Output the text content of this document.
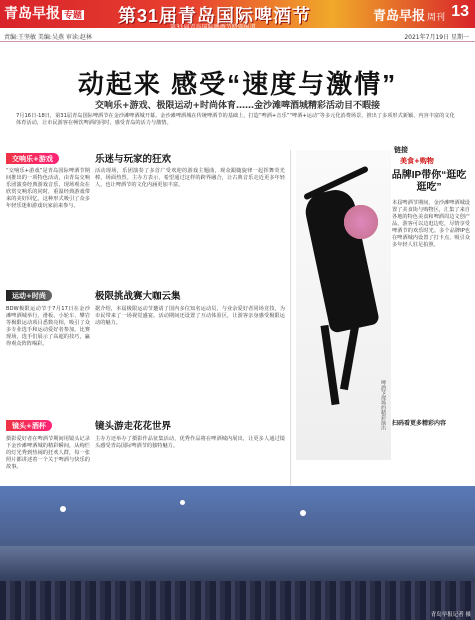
青岛早报 专题 第31届青岛国际啤酒节
第31届青岛国际啤酒节特别报道
青岛早报 周刊 13
责编:王坚敏 美编:吴燕 审读:赵林	2021年7月19日 星期一
动起来 感受“速度与激情”
交响乐+游戏、极限运动+时尚体育……金沙滩啤酒城精彩活动目不暇接
7月16日-18日，第31届青岛国际啤酒节在金沙滩啤酒城开幕。金沙滩啤酒城在传统啤酒节的基础上，打造“啤酒+音乐”“啤酒+运动”等多元化消费场景，推出了多项形式新颖、内容丰富的文化体育活动，让市民游客在畅饮啤酒的同时，感受青岛的活力与激情。
交响乐+游戏	乐迷与玩家的狂欢
“交响乐+游戏”是青岛国际啤酒节期间推出的一项特色活动，由青岛交响乐团演奏经典游戏音乐，现场观众在欣赏交响乐的同时，重温经典游戏带来的美好回忆，这种形式吸引了众多年轻乐迷和游戏玩家前来参与。
活动现场，乐团演奏了多首广受欢迎的游戏主题曲，观众跟随旋律一起挥舞荧光棒，场面热烈。主办方表示，希望通过这样的跨界融合，让古典音乐走近更多年轻人，也让啤酒节的文化内涵更加丰富。
运动+时尚	极限挑战赛大咖云集
BDW极限运动节于7月17日在金沙滩啤酒城举行，滑板、小轮车、攀岩等极限运动项目悉数亮相，吸引了众多专业选手和运动爱好者参加。比赛现场，选手们展示了高超的技巧，赢得观众阵阵喝彩。
据介绍，本届极限运动节邀请了国内多位知名运动员，与业余爱好者同场竞技，为市民带来了一场视觉盛宴。活动期间还设置了互动体验区，让游客亲身感受极限运动的魅力。
镜头+酒杯	镜头游走花花世界
摄影爱好者在啤酒节期间用镜头记录下金沙滩啤酒城的精彩瞬间，从绚烂的灯光秀到热闹的狂欢人群，每一张照片都讲述着一个关于啤酒与快乐的故事。
主办方还举办了摄影作品征集活动，优秀作品将在啤酒城内展出，让更多人通过镜头感受青岛国际啤酒节的独特魅力。
啤酒节现场的精彩演出
链接
美食+购物
品牌IP带你“逛吃逛吃”
本届啤酒节期间，金沙滩啤酒城设置了美食街与购物区，汇集了来自各地的特色美食和啤酒周边文创产品，游客可以边逛边吃，尽情享受啤酒节的欢乐时光。多个品牌IP也在啤酒城内设置了打卡点，吸引众多年轻人驻足拍照。
扫码看更多精彩内容
青岛早报记者 摄
